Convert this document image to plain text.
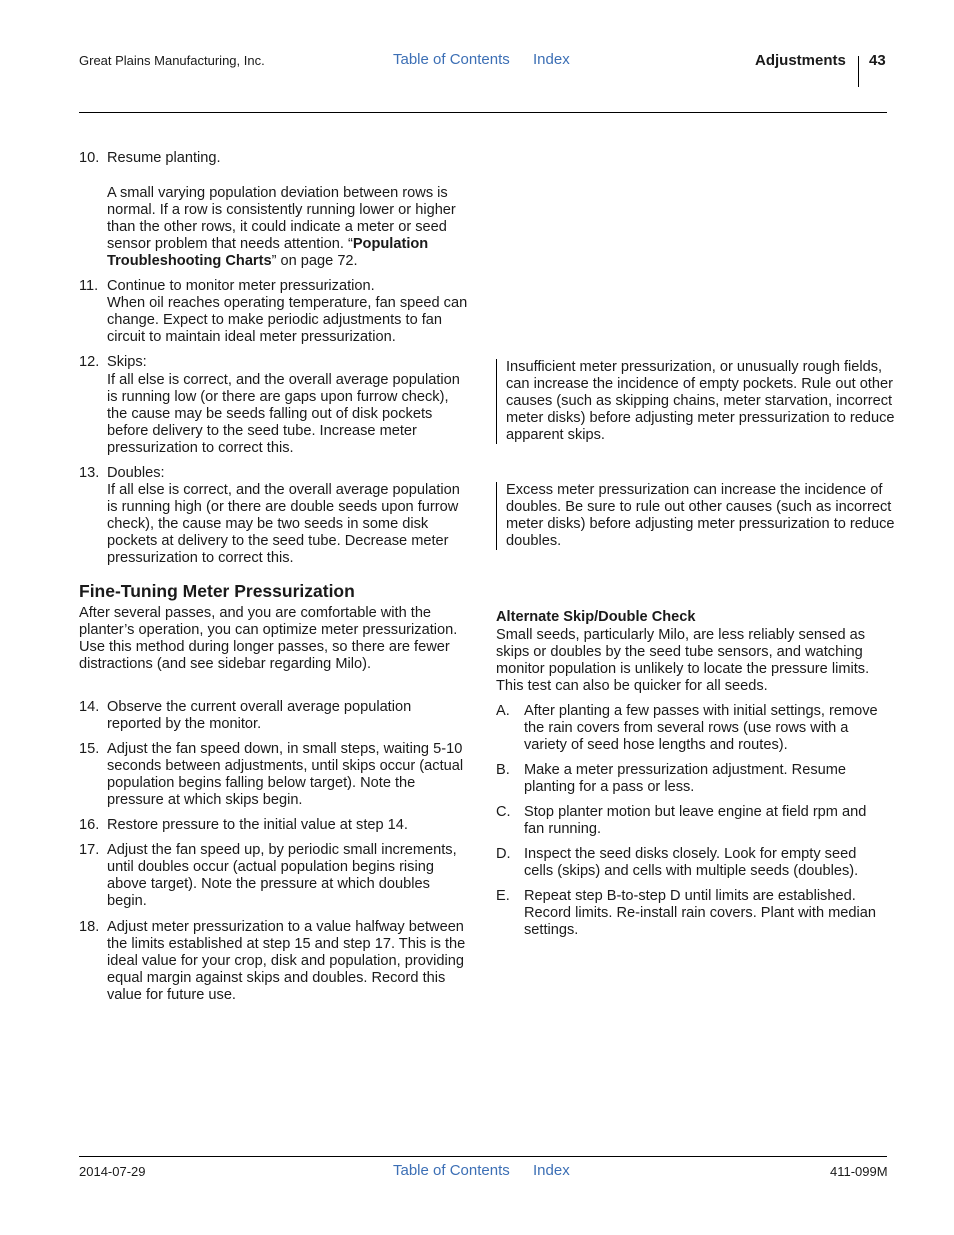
Great Plains Manufacturing, Inc.	Table of Contents Index	Adjustments 43
10. Resume planting.
A small varying population deviation between rows is normal. If a row is consistently running lower or higher than the other rows, it could indicate a meter or seed sensor problem that needs attention. “Population Troubleshooting Charts” on page 72.
11. Continue to monitor meter pressurization.
When oil reaches operating temperature, fan speed can change. Expect to make periodic adjustments to fan circuit to maintain ideal meter pressurization.
12. Skips:
If all else is correct, and the overall average population is running low (or there are gaps upon furrow check), the cause may be seeds falling out of disk pockets before delivery to the seed tube. Increase meter pressurization to correct this.
13. Doubles:
If all else is correct, and the overall average population is running high (or there are double seeds upon furrow check), the cause may be two seeds in some disk pockets at delivery to the seed tube. Decrease meter pressurization to correct this.
Insufficient meter pressurization, or unusually rough fields, can increase the incidence of empty pockets. Rule out other causes (such as skipping chains, meter starvation, incorrect meter disks) before adjusting meter pressurization to reduce apparent skips.
Excess meter pressurization can increase the incidence of doubles. Be sure to rule out other causes (such as incorrect meter disks) before adjusting meter pressurization to reduce doubles.
Fine-Tuning Meter Pressurization
After several passes, and you are comfortable with the planter’s operation, you can optimize meter pressurization. Use this method during longer passes, so there are fewer distractions (and see sidebar regarding Milo).
14. Observe the current overall average population reported by the monitor.
15. Adjust the fan speed down, in small steps, waiting 5-10 seconds between adjustments, until skips occur (actual population begins falling below target). Note the pressure at which skips begin.
16. Restore pressure to the initial value at step 14.
17. Adjust the fan speed up, by periodic small increments, until doubles occur (actual population begins rising above target). Note the pressure at which doubles begin.
18. Adjust meter pressurization to a value halfway between the limits established at step 15 and step 17. This is the ideal value for your crop, disk and population, providing equal margin against skips and doubles. Record this value for future use.
Alternate Skip/Double Check
Small seeds, particularly Milo, are less reliably sensed as skips or doubles by the seed tube sensors, and watching monitor population is unlikely to locate the pressure limits. This test can also be quicker for all seeds.
A. After planting a few passes with initial settings, remove the rain covers from several rows (use rows with a variety of seed hose lengths and routes).
B. Make a meter pressurization adjustment. Resume planting for a pass or less.
C. Stop planter motion but leave engine at field rpm and fan running.
D. Inspect the seed disks closely. Look for empty seed cells (skips) and cells with multiple seeds (doubles).
E. Repeat step B-to-step D until limits are established. Record limits. Re-install rain covers. Plant with median settings.
2014-07-29	Table of Contents Index	411-099M
